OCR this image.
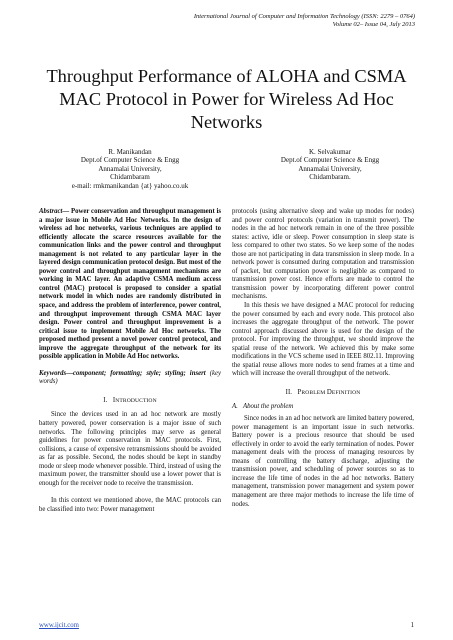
International Journal of Computer and Information Technology (ISSN: 2279 – 0764)
Volume 02– Issue 04, July 2013
Throughput Performance of ALOHA and CSMA MAC Protocol in Power for Wireless Ad Hoc Networks
R. Manikandan
Dept.of Computer Science & Engg
Annamalai University,
Chidambaram
e-mail: rmkmanikandan {at} yahoo.co.uk
K. Selvakumar
Dept.of Computer Science & Engg
Annamalai University,
Chidambaram.

Abstract— Power conservation and throughput management is a major issue in Mobile Ad Hoc Networks. In the design of wireless ad hoc networks, various techniques are applied to efficiently allocate the scarce resources available for the communication links and the power control and throughput management is not related to any particular layer in the layered design communication protocol design. But most of the power control and throughput management mechanisms are working in MAC layer. An adaptive CSMA medium access control (MAC) protocol is proposed to consider a spatial network model in which nodes are randomly distributed in space, and address the problem of interference, power control, and throughput improvement through CSMA MAC layer design. Power control and throughput improvement is a critical issue to implement Mobile Ad Hoc networks. The proposed method present a novel power control protocol, and improve the aggregate throughput of the network for its possible application in Mobile Ad Hoc networks.

Keywords—component; formatting; style; styling; insert (key words)

I. INTRODUCTION

Since the devices used in an ad hoc network are mostly battery powered, power conservation is a major issue of such networks. The following principles may serve as general guidelines for power conservation in MAC protocols. First, collisions, a cause of expensive retransmissions should be avoided as far as possible. Second, the nodes should be kept in standby mode or sleep mode whenever possible. Third, instead of using the maximum power, the transmitter should use a lower power that is enough for the receiver node to receive the transmission.

In this context we mentioned above, the MAC protocols can be classified into two: Power management

protocols (using alternative sleep and wake up modes for nodes) and power control protocols (variation in transmit power). The nodes in the ad hoc network remain in one of the three possible states: active, idle or sleep. Power consumption in sleep state is less compared to other two states. So we keep some of the nodes those are not participating in data transmission in sleep mode. In a network power is consumed during computation and transmission of packet, but computation power is negligible as compared to transmission power cost. Hence efforts are made to control the transmission power by incorporating different power control mechanisms.

In this thesis we have designed a MAC protocol for reducing the power consumed by each and every node. This protocol also increases the aggregate throughput of the network. The power control approach discussed above is used for the design of the protocol. For improving the throughput, we should improve the spatial reuse of the network. We achieved this by make some modifications in the VCS scheme used in IEEE 802.11. Improving the spatial reuse allows more nodes to send frames at a time and which will increase the overall throughput of the network.

II. PROBLEM DEFINITION
A. About the problem

Since nodes in an ad hoc network are limited battery powered, power management is an important issue in such networks. Battery power is a precious resource that should be used effectively in order to avoid the early termination of nodes. Power management deals with the process of managing resources by means of controlling the battery discharge, adjusting the transmission power, and scheduling of power sources so as to increase the life time of nodes in the ad hoc networks. Battery management, transmission power management and system power management are three major methods to increase the life time of nodes.

www.ijcit.com	1
